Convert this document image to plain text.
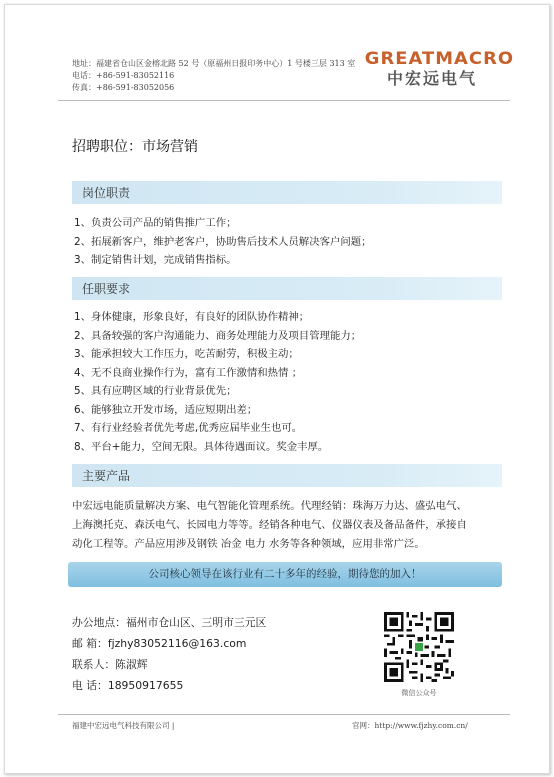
地址：福建省仓山区金榕北路 52 号（原福州日报印务中心）1 号楼三层 313 室
电话：+86-591-83052116
传真：+86-591-83052056
GREATMACRO
中宏远电气
招聘职位：市场营销
岗位职责
1、负责公司产品的销售推广工作；
2、拓展新客户，维护老客户，协助售后技术人员解决客户问题；
3、制定销售计划，完成销售指标。
任职要求
1、身体健康，形象良好，有良好的团队协作精神；
2、具备较强的客户沟通能力、商务处理能力及项目管理能力；
3、能承担较大工作压力，吃苦耐劳，积极主动；
4、无不良商业操作行为，富有工作激情和热情 ；
5、具有应聘区域的行业背景优先；
6、能够独立开发市场，适应短期出差；
7、有行业经验者优先考虑,优秀应届毕业生也可。
8、平台+能力，空间无限。具体待遇面议。奖金丰厚。
主要产品
中宏远电能质量解决方案、电气智能化管理系统。代理经销：珠海万力达、盛弘电气、
上海澳托克、森沃电气、长园电力等等。经销各种电气、仪器仪表及备品备件，承接自
动化工程等。产品应用涉及钢铁 冶金 电力 水务等各种领域，应用非常广泛。
公司核心领导在该行业有二十多年的经验，期待您的加入！
办公地点：福州市仓山区、三明市三元区
邮 箱：fjzhy83052116@163.com
联系人：陈淑辉
电 话：18950917655
微信公众号
福建中宏远电气科技有限公司 |	官网：http://www.fjzhy.com.cn/
